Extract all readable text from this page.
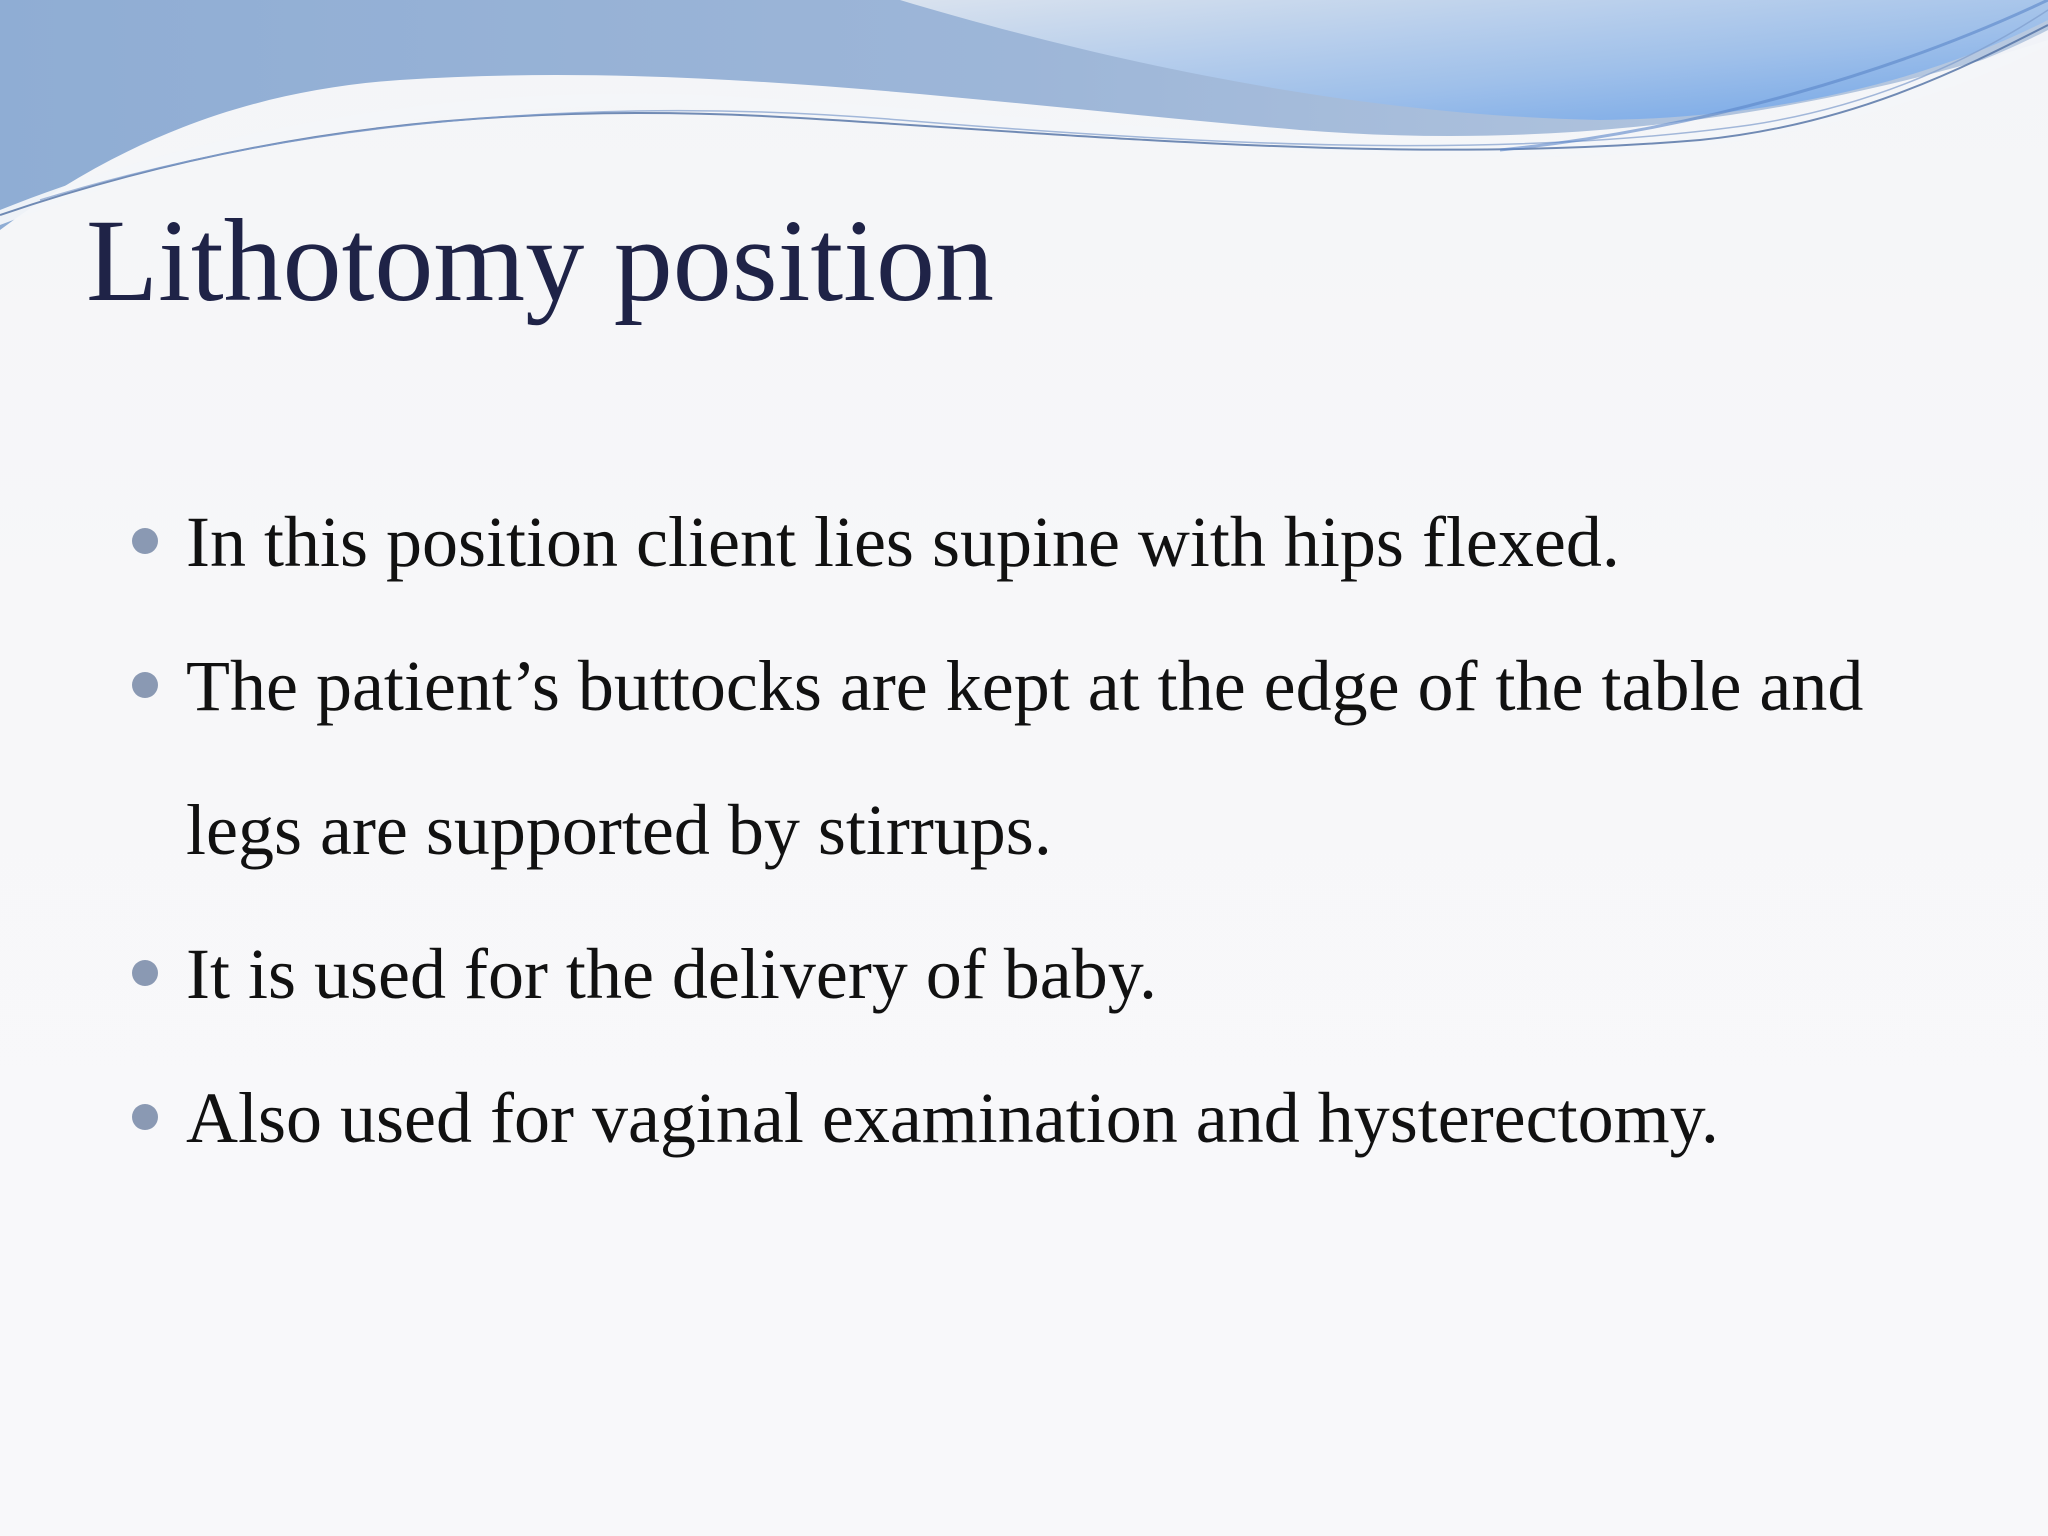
Lithotomy position
In this position client lies supine with hips flexed.
The patient’s buttocks are kept at the edge of the table and legs are supported by stirrups.
It is used for the delivery of baby.
Also used for vaginal examination and hysterectomy.
